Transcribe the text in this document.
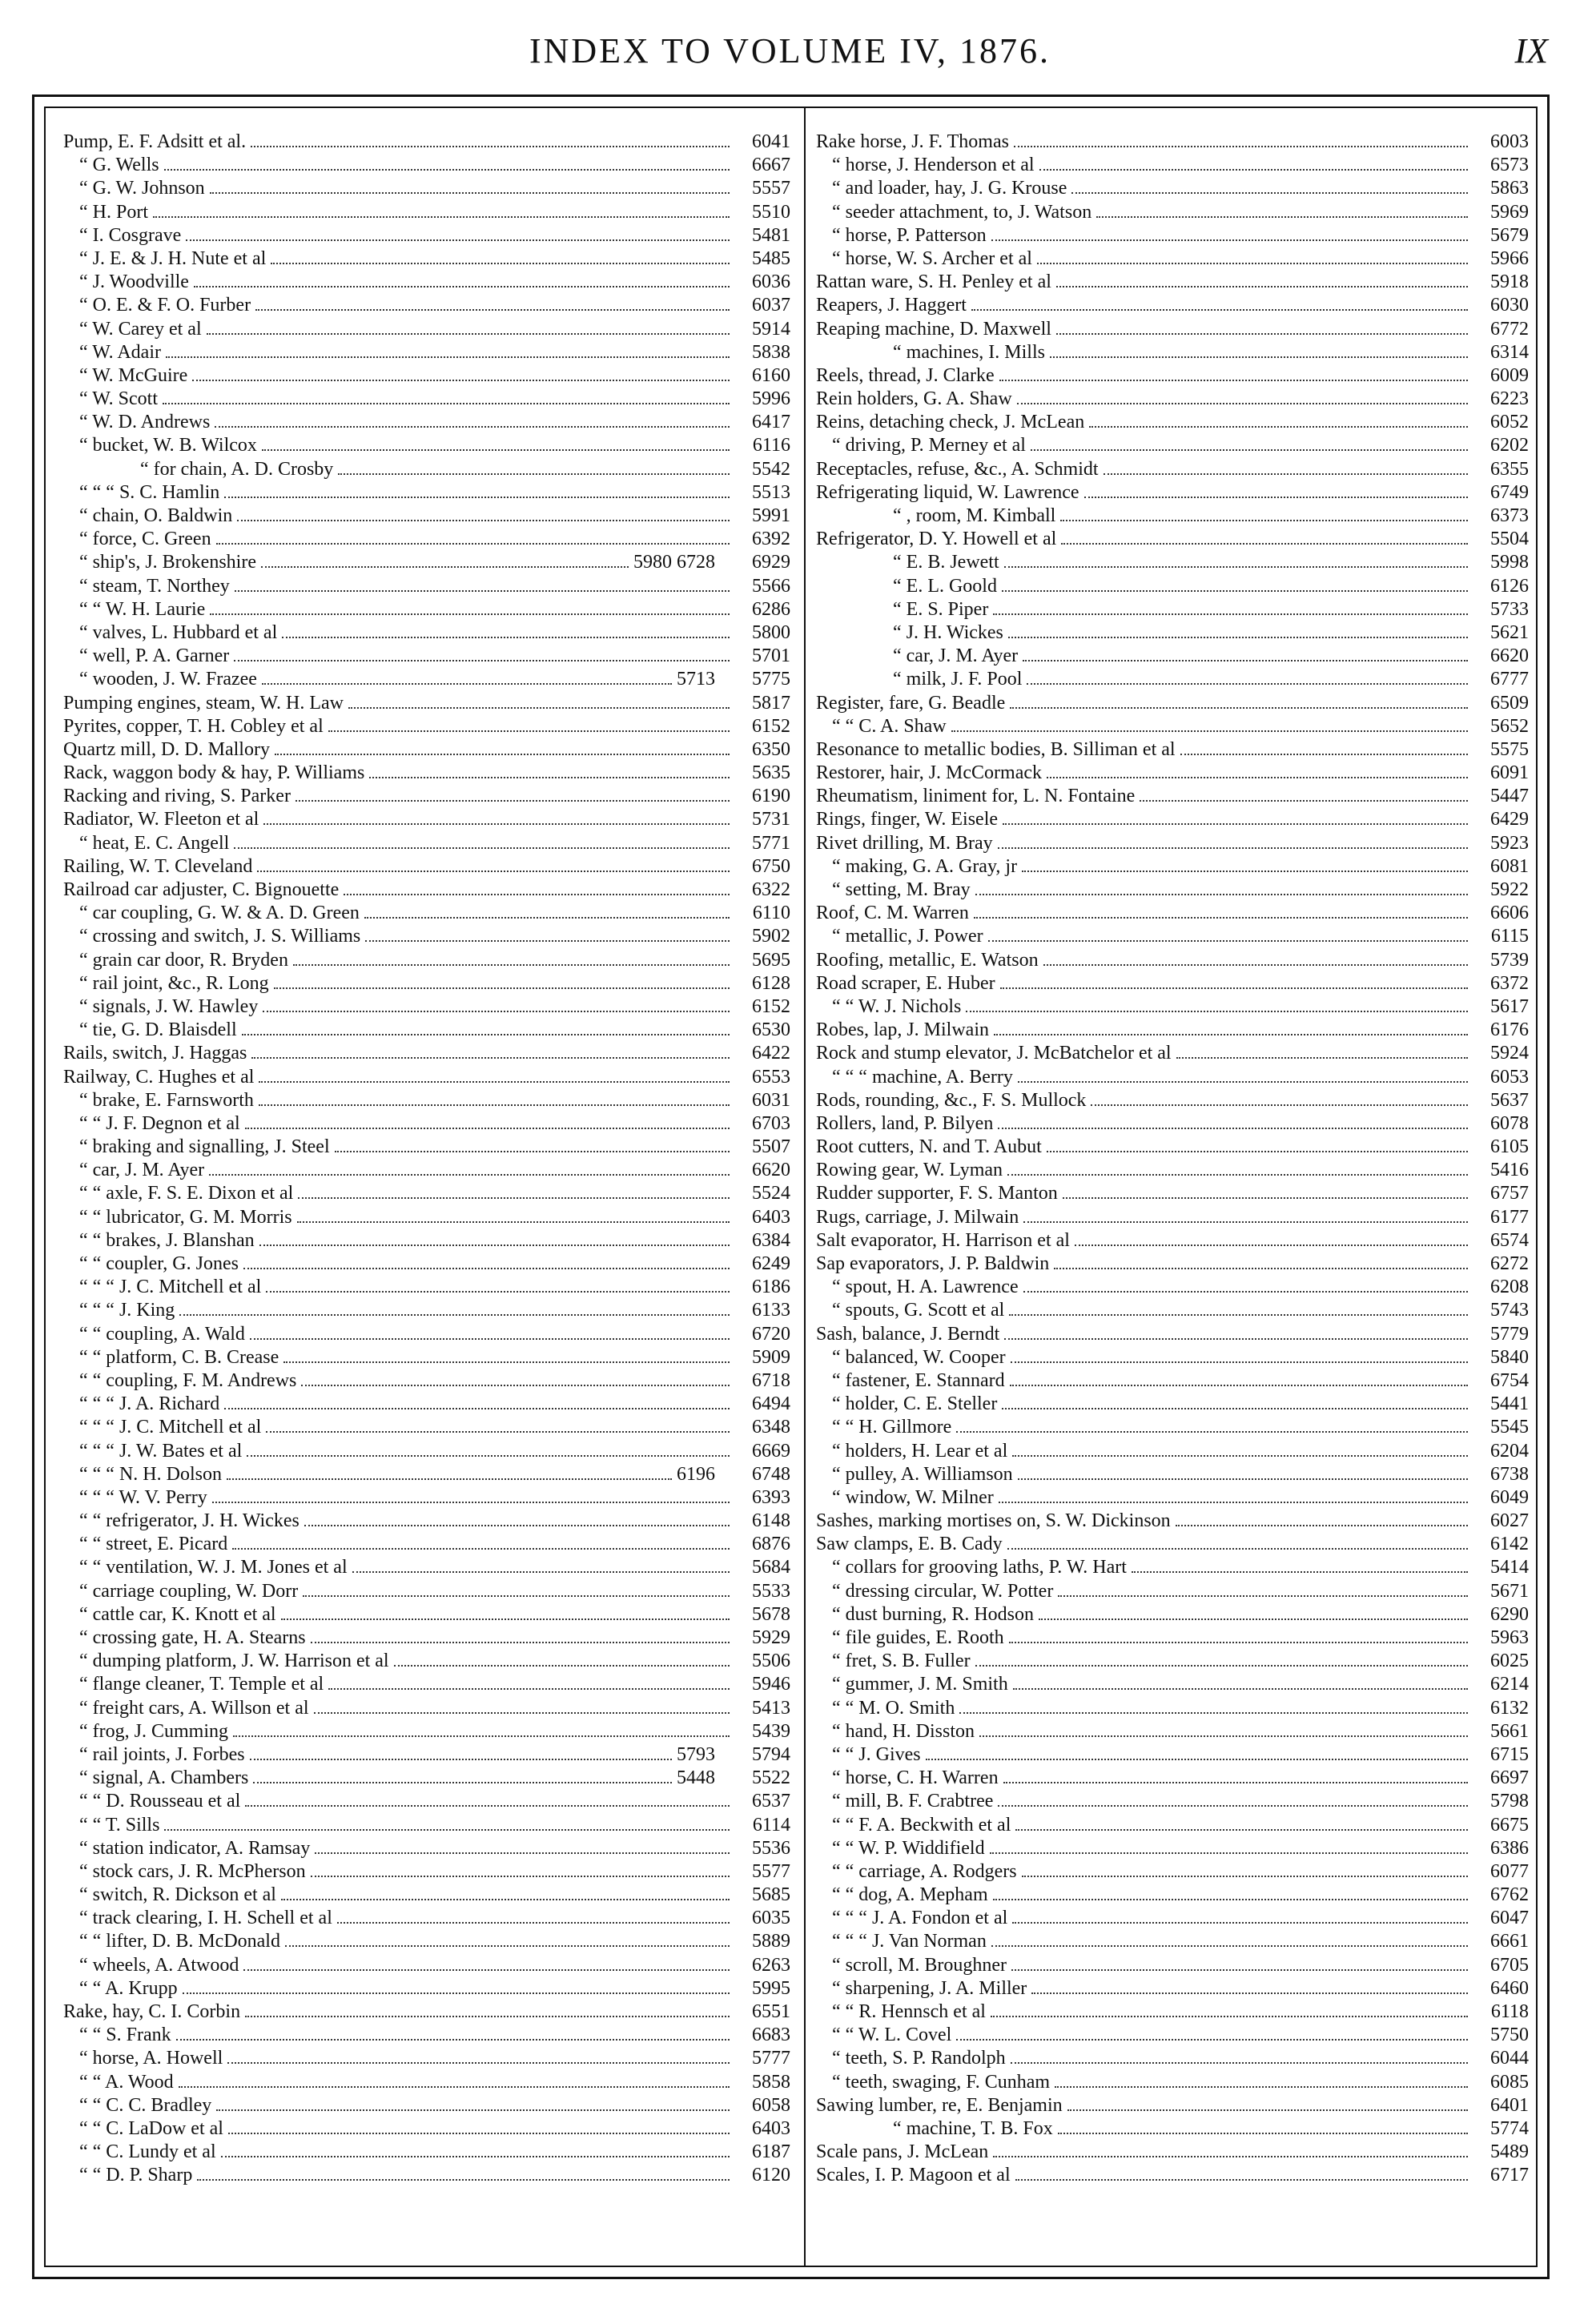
INDEX TO VOLUME IV, 1876.	IX
Pump, E. F. Adsitt et al.	6041
“ G. Wells	6667
“ G. W. Johnson	5557
“ H. Port	5510
“ I. Cosgrave	5481
“ J. E. & J. H. Nute et al	5485
“ J. Woodville	6036
“ O. E. & F. O. Furber	6037
“ W. Carey et al	5914
“ W. Adair	5838
“ W. McGuire	6160
“ W. Scott	5996
“ W. D. Andrews	6417
“ bucket, W. B. Wilcox	6116
“ for chain, A. D. Crosby	5542
“ “ “ S. C. Hamlin	5513
“ chain, O. Baldwin	5991
“ force, C. Green	6392
“ ship's, J. Brokenshire	5980 6728	6929
“ steam, T. Northey	5566
“ “ W. H. Laurie	6286
“ valves, L. Hubbard et al	5800
“ well, P. A. Garner	5701
“ wooden, J. W. Frazee	5713	5775
Pumping engines, steam, W. H. Law	5817
Pyrites, copper, T. H. Cobley et al	6152
Quartz mill, D. D. Mallory	6350
Rack, waggon body & hay, P. Williams	5635
Racking and riving, S. Parker	6190
Radiator, W. Fleeton et al	5731
“ heat, E. C. Angell	5771
Railing, W. T. Cleveland	6750
Railroad car adjuster, C. Bignouette	6322
“ car coupling, G. W. & A. D. Green	6110
“ crossing and switch, J. S. Williams	5902
“ grain car door, R. Bryden	5695
“ rail joint, &c., R. Long	6128
“ signals, J. W. Hawley	6152
“ tie, G. D. Blaisdell	6530
Rails, switch, J. Haggas	6422
Railway, C. Hughes et al	6553
“ brake, E. Farnsworth	6031
“ “ J. F. Degnon et al	6703
“ braking and signalling, J. Steel	5507
“ car, J. M. Ayer	6620
“ “ axle, F. S. E. Dixon et al	5524
“ “ lubricator, G. M. Morris	6403
“ “ brakes, J. Blanshan	6384
“ “ coupler, G. Jones	6249
“ “ “ J. C. Mitchell et al	6186
“ “ “ J. King	6133
“ “ coupling, A. Wald	6720
“ “ platform, C. B. Crease	5909
“ “ coupling, F. M. Andrews	6718
“ “ “ J. A. Richard	6494
“ “ “ J. C. Mitchell et al	6348
“ “ “ J. W. Bates et al	6669
“ “ “ N. H. Dolson	6196	6748
“ “ “ W. V. Perry	6393
“ “ refrigerator, J. H. Wickes	6148
“ “ street, E. Picard	6876
“ “ ventilation, W. J. M. Jones et al	5684
“ carriage coupling, W. Dorr	5533
“ cattle car, K. Knott et al	5678
“ crossing gate, H. A. Stearns	5929
“ dumping platform, J. W. Harrison et al	5506
“ flange cleaner, T. Temple et al	5946
“ freight cars, A. Willson et al	5413
“ frog, J. Cumming	5439
“ rail joints, J. Forbes	5793	5794
“ signal, A. Chambers	5448	5522
“ “ D. Rousseau et al	6537
“ “ T. Sills	6114
“ station indicator, A. Ramsay	5536
“ stock cars, J. R. McPherson	5577
“ switch, R. Dickson et al	5685
“ track clearing, I. H. Schell et al	6035
“ “ lifter, D. B. McDonald	5889
“ wheels, A. Atwood	6263
“ “ A. Krupp	5995
Rake, hay, C. I. Corbin	6551
“ “ S. Frank	6683
“ horse, A. Howell	5777
“ “ A. Wood	5858
“ “ C. C. Bradley	6058
“ “ C. LaDow et al	6403
“ “ C. Lundy et al	6187
“ “ D. P. Sharp	6120
Rake horse, J. F. Thomas	6003
“ horse, J. Henderson et al	6573
“ and loader, hay, J. G. Krouse	5863
“ seeder attachment, to, J. Watson	5969
“ horse, P. Patterson	5679
“ horse, W. S. Archer et al	5966
Rattan ware, S. H. Penley et al	5918
Reapers, J. Haggert	6030
Reaping machine, D. Maxwell	6772
“ machines, I. Mills	6314
Reels, thread, J. Clarke	6009
Rein holders, G. A. Shaw	6223
Reins, detaching check, J. McLean	6052
“ driving, P. Merney et al	6202
Receptacles, refuse, &c., A. Schmidt	6355
Refrigerating liquid, W. Lawrence	6749
“ , room, M. Kimball	6373
Refrigerator, D. Y. Howell et al	5504
“ E. B. Jewett	5998
“ E. L. Goold	6126
“ E. S. Piper	5733
“ J. H. Wickes	5621
“ car, J. M. Ayer	6620
“ milk, J. F. Pool	6777
Register, fare, G. Beadle	6509
“ “ C. A. Shaw	5652
Resonance to metallic bodies, B. Silliman et al	5575
Restorer, hair, J. McCormack	6091
Rheumatism, liniment for, L. N. Fontaine	5447
Rings, finger, W. Eisele	6429
Rivet drilling, M. Bray	5923
“ making, G. A. Gray, jr	6081
“ setting, M. Bray	5922
Roof, C. M. Warren	6606
“ metallic, J. Power	6115
Roofing, metallic, E. Watson	5739
Road scraper, E. Huber	6372
“ “ W. J. Nichols	5617
Robes, lap, J. Milwain	6176
Rock and stump elevator, J. McBatchelor et al	5924
“ “ “ machine, A. Berry	6053
Rods, rounding, &c., F. S. Mullock	5637
Rollers, land, P. Bilyen	6078
Root cutters, N. and T. Aubut	6105
Rowing gear, W. Lyman	5416
Rudder supporter, F. S. Manton	6757
Rugs, carriage, J. Milwain	6177
Salt evaporator, H. Harrison et al	6574
Sap evaporators, J. P. Baldwin	6272
“ spout, H. A. Lawrence	6208
“ spouts, G. Scott et al	5743
Sash, balance, J. Berndt	5779
“ balanced, W. Cooper	5840
“ fastener, E. Stannard	6754
“ holder, C. E. Steller	5441
“ “ H. Gillmore	5545
“ holders, H. Lear et al	6204
“ pulley, A. Williamson	6738
“ window, W. Milner	6049
Sashes, marking mortises on, S. W. Dickinson	6027
Saw clamps, E. B. Cady	6142
“ collars for grooving laths, P. W. Hart	5414
“ dressing circular, W. Potter	5671
“ dust burning, R. Hodson	6290
“ file guides, E. Rooth	5963
“ fret, S. B. Fuller	6025
“ gummer, J. M. Smith	6214
“ “ M. O. Smith	6132
“ hand, H. Disston	5661
“ “ J. Gives	6715
“ horse, C. H. Warren	6697
“ mill, B. F. Crabtree	5798
“ “ F. A. Beckwith et al	6675
“ “ W. P. Widdifield	6386
“ “ carriage, A. Rodgers	6077
“ “ dog, A. Mepham	6762
“ “ “ J. A. Fondon et al	6047
“ “ “ J. Van Norman	6661
“ scroll, M. Broughner	6705
“ sharpening, J. A. Miller	6460
“ “ R. Hennsch et al	6118
“ “ W. L. Covel	5750
“ teeth, S. P. Randolph	6044
“ teeth, swaging, F. Cunham	6085
Sawing lumber, re, E. Benjamin	6401
“ machine, T. B. Fox	5774
Scale pans, J. McLean	5489
Scales, I. P. Magoon et al	6717
